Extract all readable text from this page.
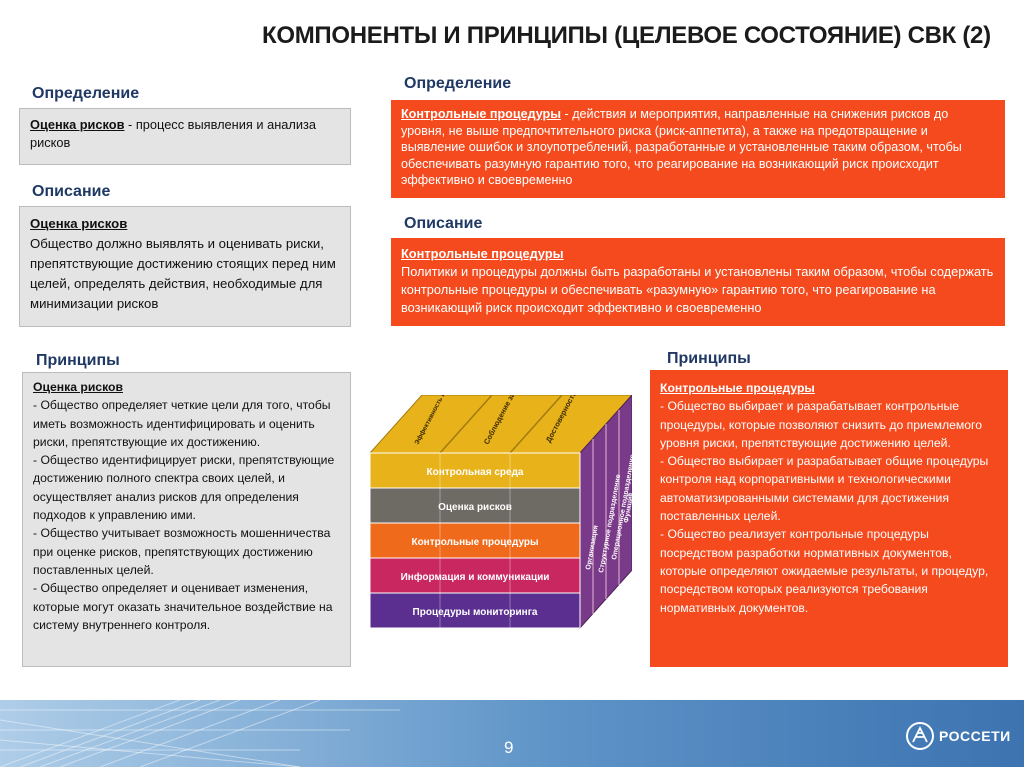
КОМПОНЕНТЫ И ПРИНЦИПЫ (ЦЕЛЕВОЕ СОСТОЯНИЕ) СВК (2)
Определение

Оценка рисков - процесс выявления и анализа рисков

Описание

Оценка рисков

Общество должно выявлять и оценивать риски, препятствующие достижению стоящих перед ним целей, определять действия, необходимые для минимизации рисков

Принципы

Оценка рисков

- Общество определяет четкие цели для того, чтобы иметь возможность идентифицировать и оценить риски, препятствующие их достижению.
- Общество идентифицирует риски, препятствующие достижению полного спектра своих целей, и осуществляет анализ рисков для определения подходов к управлению ими.
- Общество учитывает возможность мошенничества при оценке рисков, препятствующих достижению поставленных целей.
- Общество определяет и оценивает изменения, которые могут оказать значительное воздействие на систему внутреннего контроля.
Определение

Контрольные процедуры - действия и мероприятия, направленные на снижения рисков до уровня, не выше предпочтительного риска (риск-аппетита), а также на предотвращение и выявление ошибок и злоупотреблений, разработанные и установленные таким образом, чтобы обеспечивать разумную гарантию того, что реагирование на возникающий риск происходит эффективно и своевременно

Описание

Контрольные процедуры

Политики и процедуры должны быть разработаны и установлены таким образом, чтобы содержать контрольные процедуры и обеспечивать «разумную» гарантию того, что реагирование на возникающий риск происходит эффективно и своевременно

Принципы

Контрольные процедуры

- Общество выбирает и разрабатывает контрольные процедуры, которые позволяют снизить до приемлемого уровня риски, препятствующие достижению целей.
- Общество выбирает и разрабатывает общие процедуры контроля над корпоративными и технологическими автоматизированными системами для достижения поставленных целей.
- Общество реализует контрольные процедуры посредством разработки нормативных документов, которые определяют ожидаемые результаты, и процедур, посредством которых реализуются требования нормативных документов.
Контрольная среда
Оценка рисков
Контрольные процедуры
Информация и коммуникации
Процедуры мониторинга
Организация
Структурное подразделение
Операционное подразделение
Функция
9
РОССЕТИ
